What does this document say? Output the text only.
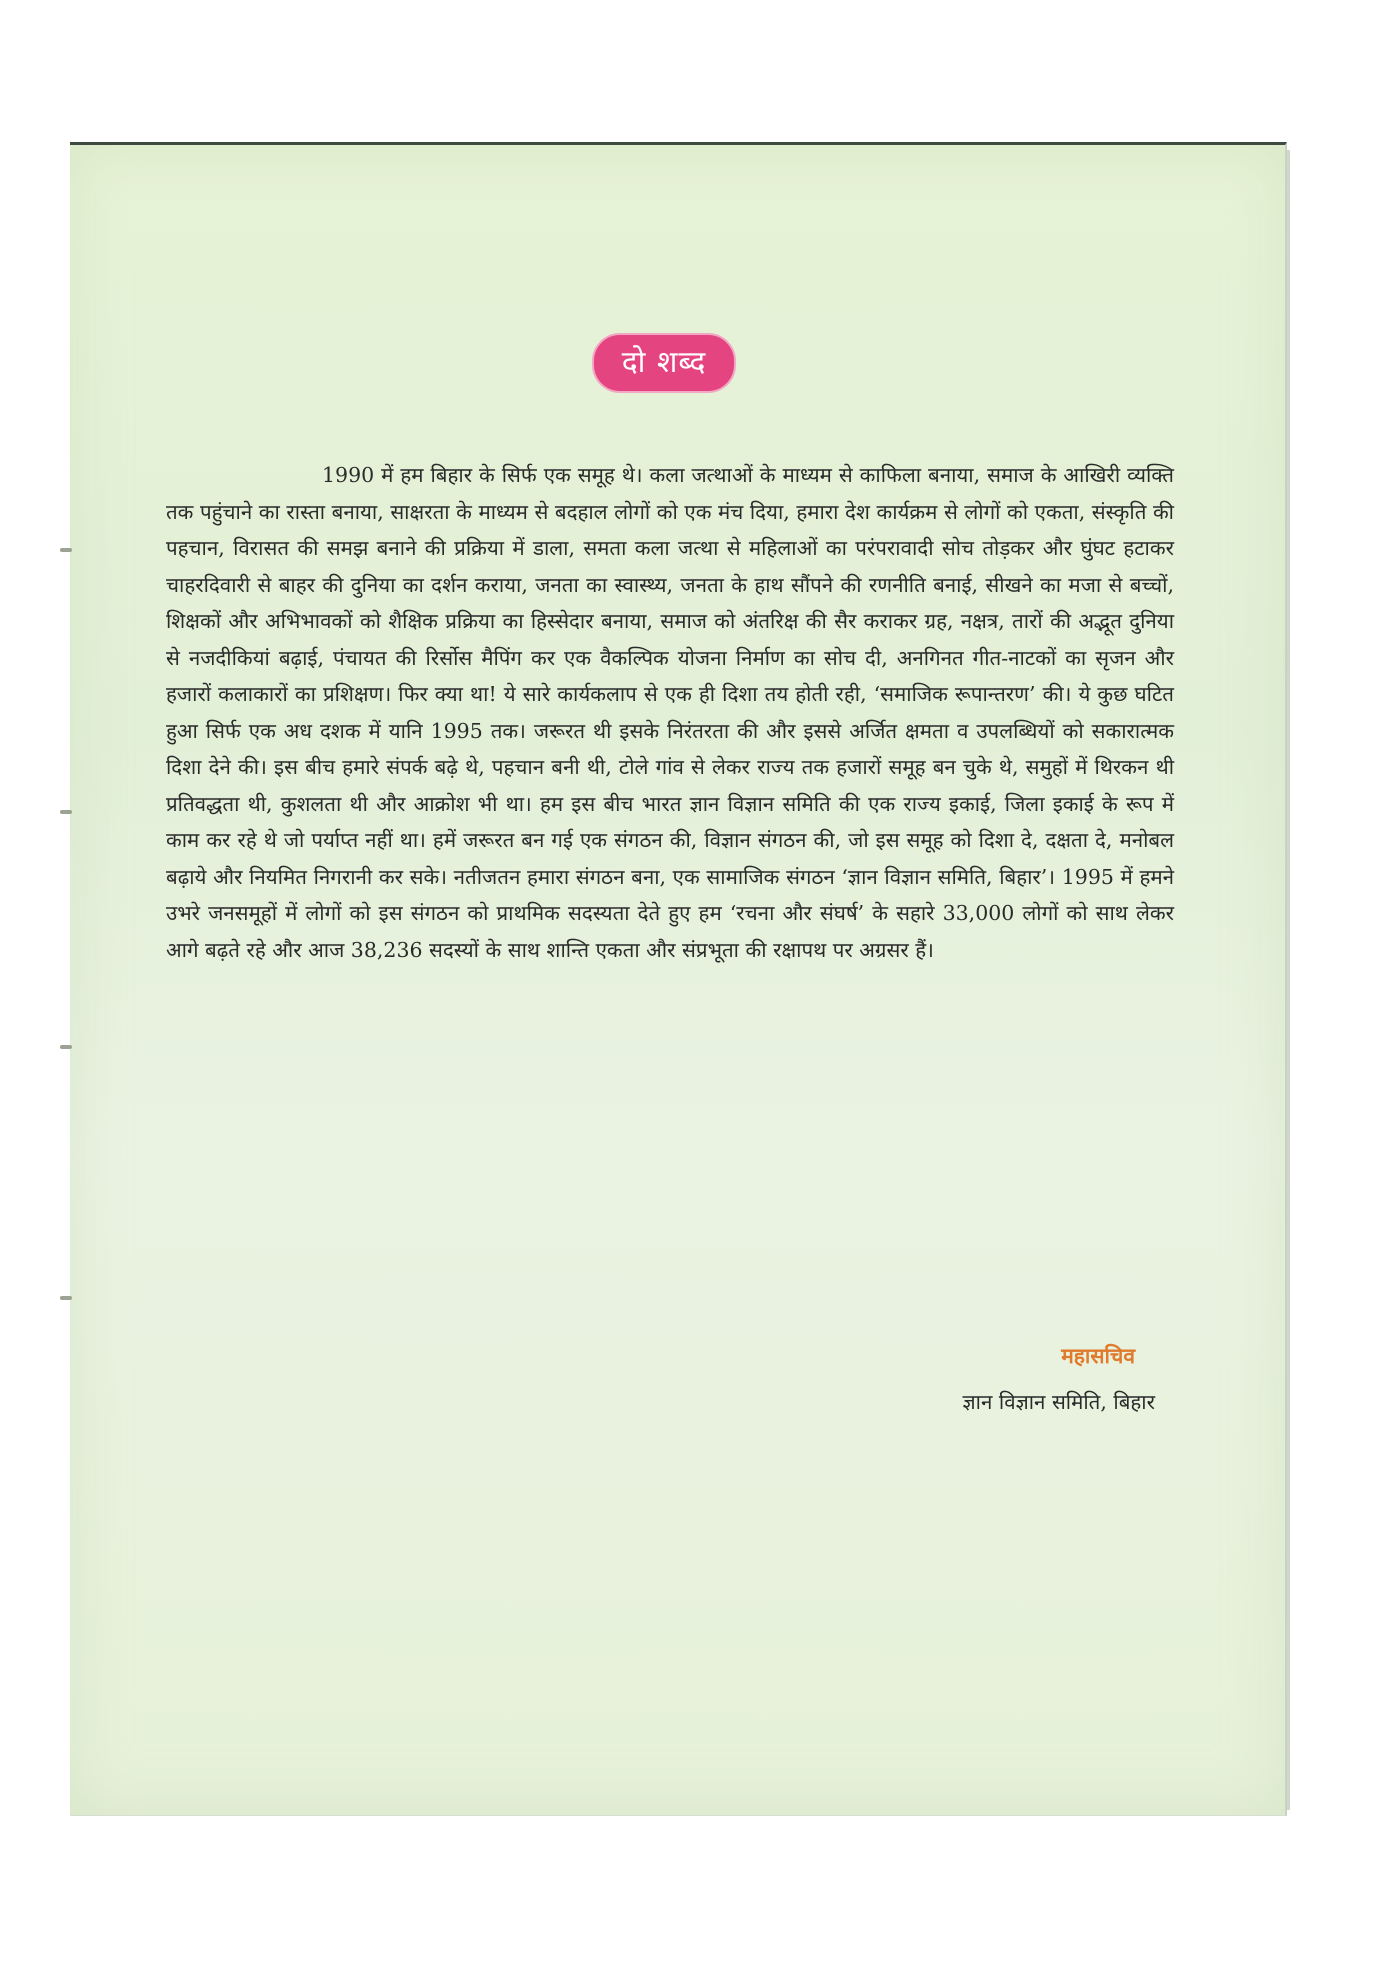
दो शब्द

1990 में हम बिहार के सिर्फ एक समूह थे। कला जत्थाओं के माध्यम से काफिला बनाया, समाज के आखिरी व्यक्ति तक पहुंचाने का रास्ता बनाया, साक्षरता के माध्यम से बदहाल लोगों को एक मंच दिया, हमारा देश कार्यक्रम से लोगों को एकता, संस्कृति की पहचान, विरासत की समझ बनाने की प्रक्रिया में डाला, समता कला जत्था से महिलाओं का परंपरावादी सोच तोड़कर और घुंघट हटाकर चाहरदिवारी से बाहर की दुनिया का दर्शन कराया, जनता का स्वास्थ्य, जनता के हाथ सौंपने की रणनीति बनाई, सीखने का मजा से बच्चों, शिक्षकों और अभिभावकों को शैक्षिक प्रक्रिया का हिस्सेदार बनाया, समाज को अंतरिक्ष की सैर कराकर ग्रह, नक्षत्र, तारों की अद्भूत दुनिया से नजदीकियां बढ़ाई, पंचायत की रिर्सोस मैपिंग कर एक वैकल्पिक योजना निर्माण का सोच दी, अनगिनत गीत-नाटकों का सृजन और हजारों कलाकारों का प्रशिक्षण। फिर क्या था! ये सारे कार्यकलाप से एक ही दिशा तय होती रही, ‘समाजिक रूपान्तरण’ की। ये कुछ घटित हुआ सिर्फ एक अध दशक में यानि 1995 तक। जरूरत थी इसके निरंतरता की और इससे अर्जित क्षमता व उपलब्धियों को सकारात्मक दिशा देने की। इस बीच हमारे संपर्क बढ़े थे, पहचान बनी थी, टोले गांव से लेकर राज्य तक हजारों समूह बन चुके थे, समुहों में थिरकन थी प्रतिवद्धता थी, कुशलता थी और आक्रोश भी था। हम इस बीच भारत ज्ञान विज्ञान समिति की एक राज्य इकाई, जिला इकाई के रूप में काम कर रहे थे जो पर्याप्त नहीं था। हमें जरूरत बन गई एक संगठन की, विज्ञान संगठन की, जो इस समूह को दिशा दे, दक्षता दे, मनोबल बढ़ाये और नियमित निगरानी कर सके। नतीजतन हमारा संगठन बना, एक सामाजिक संगठन ‘ज्ञान विज्ञान समिति, बिहार’। 1995 में हमने उभरे जनसमूहों में लोगों को इस संगठन को प्राथमिक सदस्यता देते हुए हम ‘रचना और संघर्ष’ के सहारे 33,000 लोगों को साथ लेकर आगे बढ़ते रहे और आज 38,236 सदस्यों के साथ शान्ति एकता और संप्रभूता की रक्षापथ पर अग्रसर हैं।

महासचिव
ज्ञान विज्ञान समिति, बिहार
